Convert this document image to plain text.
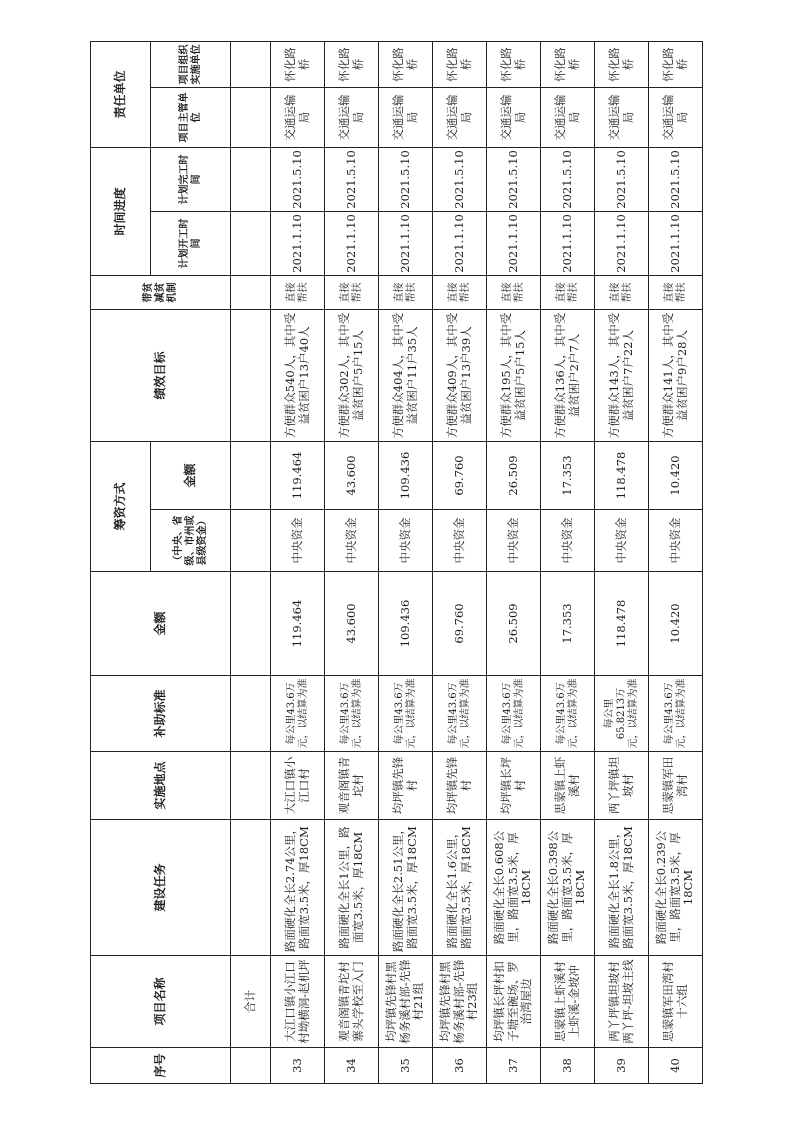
序号	项目名称	建设任务	实施地点	补助标准	金额	筹资方式		绩效目标	带贫减贫机制	时间进度		责任单位	
						（中央、省级、市州或县级资金）	金额			计划开工时间	计划完工时间	项目主管单位	项目组织实施单位
	合计												
33	大江口镇小江口村坳横洞-赵机坪	路面硬化全长2.74公里，路面宽3.5米，厚18CM	大江口镇小江口村	每公里43.6万元，以结算为准	119.464	中央资金	119.464	方便群众540人，其中受益贫困户13户40人	直接帮扶	2021.1.10	2021.5.10	交通运输局	怀化路桥
34	观音阁镇青坨村寨头学校至入门	路面硬化全长1公里，路面宽3.5米，厚18CM	观音阁镇青坨村	每公里43.6万元，以结算为准	43.600	中央资金	43.600	方便群众302人，其中受益贫困户5户15人	直接帮扶	2021.1.10	2021.5.10	交通运输局	怀化路桥
35	均坪镇先锋村黑杨务溪村部-先锋村21组	路面硬化全长2.51公里，路面宽3.5米，厚18CM	均坪镇先锋村	每公里43.6万元，以结算为准	109.436	中央资金	109.436	方便群众404人，其中受益贫困户11户35人	直接帮扶	2021.1.10	2021.5.10	交通运输局	怀化路桥
36	均坪镇先锋村黑杨务溪村部-先锋村23组	路面硬化全长1.6公里，路面宽3.5米，厚18CM	均坪镇先锋村	每公里43.6万元，以结算为准	69.760	中央资金	69.760	方便群众409人，其中受益贫困户13户39人	直接帮扶	2021.1.10	2021.5.10	交通运输局	怀化路桥
37	均坪镇长坪村扣子塘至碗场、罗治湾屋边	路面硬化全长0.608公里，路面宽3.5米，厚18CM	均坪镇长坪村	每公里43.6万元，以结算为准	26.509	中央资金	26.509	方便群众195人，其中受益贫困户5户15人	直接帮扶	2021.1.10	2021.5.10	交通运输局	怀化路桥
38	思蒙镇上虾溪村上虾溪-金坡冲	路面硬化全长0.398公里，路面宽3.5米，厚18CM	思蒙镇上虾溪村	每公里43.6万元，以结算为准	17.353	中央资金	17.353	方便群众136人，其中受益贫困户2户7人	直接帮扶	2021.1.10	2021.5.10	交通运输局	怀化路桥
39	两丫坪镇坦坡村两丫坪-坦坡主线	路面硬化全长1.8公里，路面宽3.5米，厚18CM	两丫坪镇坦坡村	每公里65.8213万元，以结算为准	118.478	中央资金	118.478	方便群众143人，其中受益贫困户7户22人	直接帮扶	2021.1.10	2021.5.10	交通运输局	怀化路桥
40	思蒙镇军田湾村十六组	路面硬化全长0.239公里，路面宽3.5米，厚18CM	思蒙镇军田湾村	每公里43.6万元，以结算为准	10.420	中央资金	10.420	方便群众141人，其中受益贫困户9户28人	直接帮扶	2021.1.10	2021.5.10	交通运输局	怀化路桥
